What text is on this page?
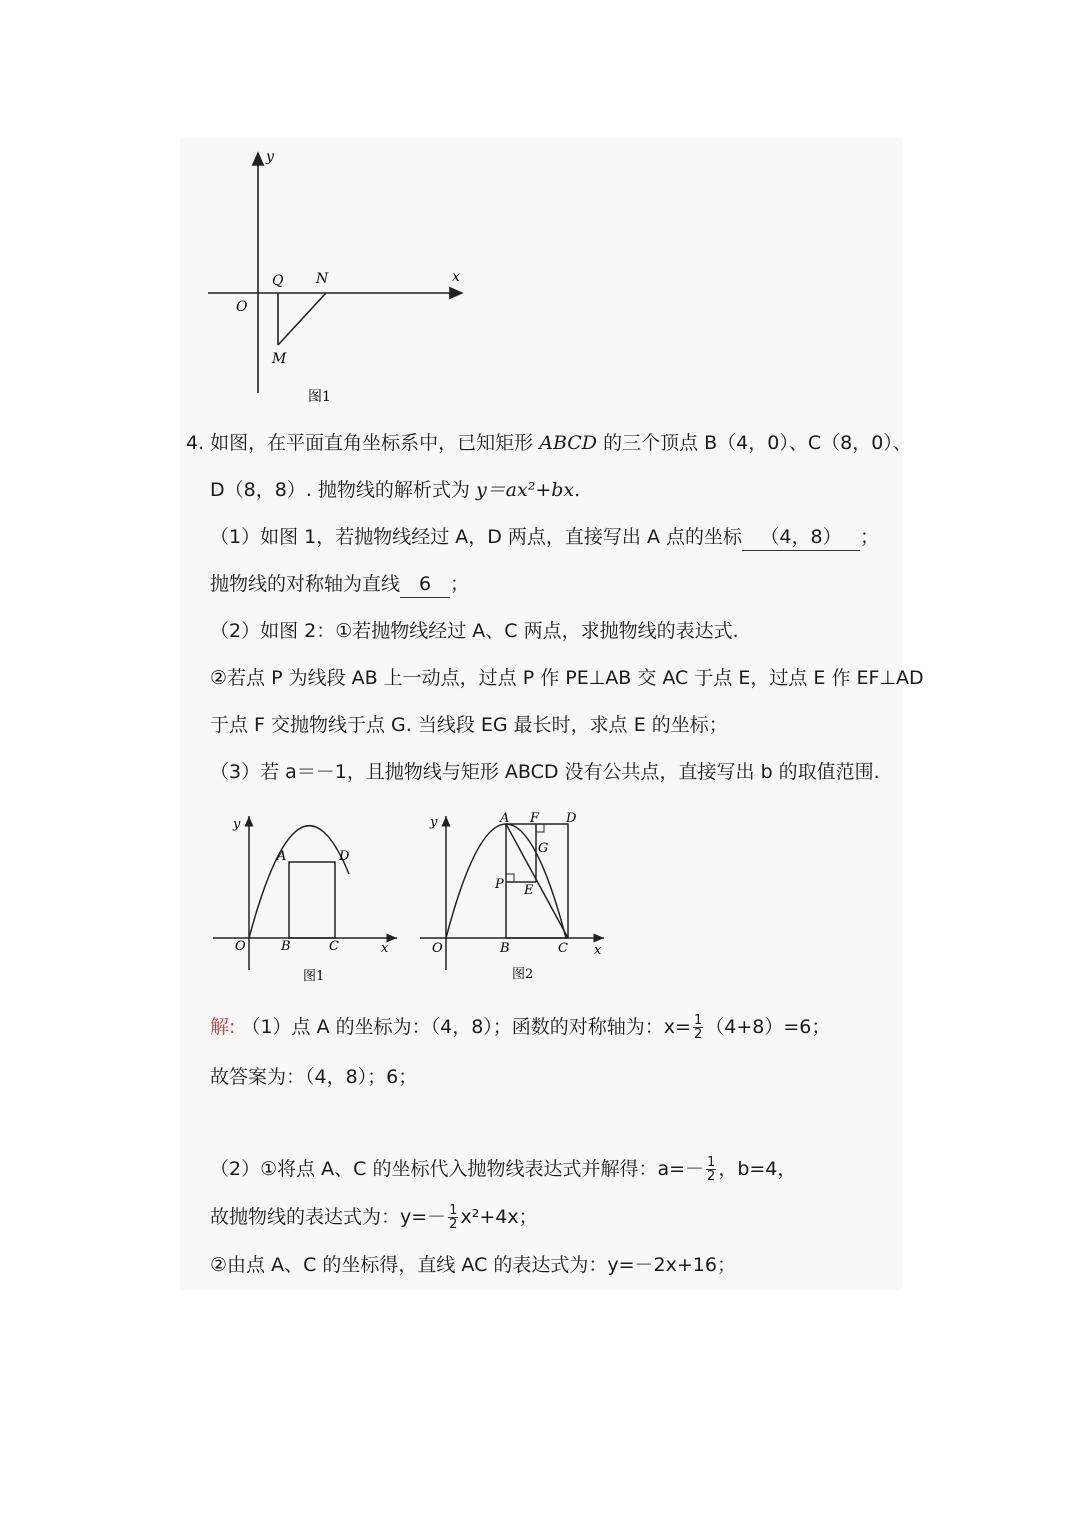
y
x
O
Q N
M
图1
4. 如图，在平面直角坐标系中，已知矩形 ABCD 的三个顶点 B（4，0）、C（8，0）、
D（8，8）. 抛物线的解析式为 y＝ax²+bx.
（1）如图 1，若抛物线经过 A，D 两点，直接写出 A 点的坐标 （4，8） ；
抛物线的对称轴为直线 6 ；
（2）如图 2：①若抛物线经过 A、C 两点，求抛物线的表达式.
②若点 P 为线段 AB 上一动点，过点 P 作 PE⊥AB 交 AC 于点 E，过点 E 作 EF⊥AD
于点 F 交抛物线于点 G. 当线段 EG 最长时，求点 E 的坐标；
（3）若 a＝－1，且抛物线与矩形 ABCD 没有公共点，直接写出 b 的取值范围.
y
x
O
A
B	C
D
图1
y
x
O
A F D
G
P E
B	C
图2
解: （1）点 A 的坐标为：（4，8）；函数的对称轴为：$x= \frac{1}{2} (4+8)=6$；
故答案为：（4，8）；6；
（2）①将点 A、C 的坐标代入抛物线表达式并解得：$a=- \frac{1}{2}$ ，b=4，
故抛物线的表达式为：$y=- \frac{1}{2} x^2+4x$；
②由点 A、C 的坐标得，直线 AC 的表达式为：y=－2x+16；
